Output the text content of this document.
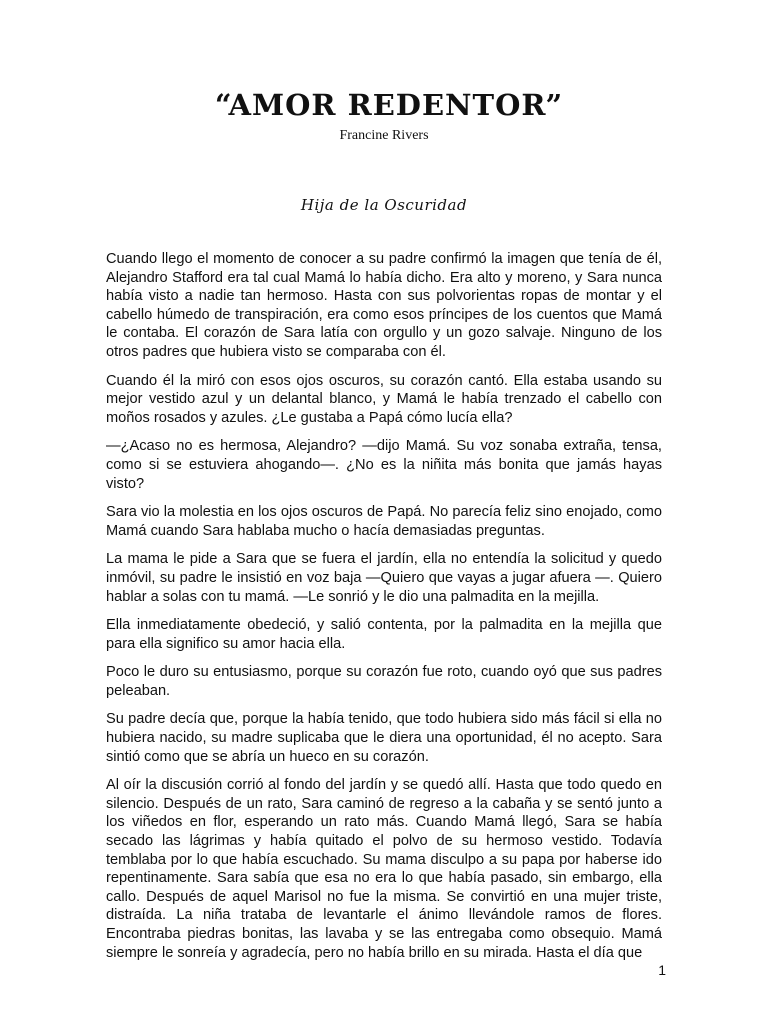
“AMOR REDENTOR”
Francine Rivers
Hija de la Oscuridad

Cuando llego el momento de conocer a su padre confirmó la imagen que tenía de él, Alejandro Stafford era tal cual Mamá lo había dicho. Era alto y moreno, y Sara nunca había visto a nadie tan hermoso. Hasta con sus polvorientas ropas de montar y el cabello húmedo de transpiración, era como esos príncipes de los cuentos que Mamá le contaba. El corazón de Sara latía con orgullo y un gozo salvaje. Ninguno de los otros padres que hubiera visto se comparaba con él.

Cuando él la miró con esos ojos oscuros, su corazón cantó. Ella estaba usando su mejor vestido azul y un delantal blanco, y Mamá le había trenzado el cabello con moños rosados y azules. ¿Le gustaba a Papá cómo lucía ella?

—¿Acaso no es hermosa, Alejandro? —dijo Mamá. Su voz sonaba extraña, tensa, como si se estuviera ahogando—. ¿No es la niñita más bonita que jamás hayas visto?

Sara vio la molestia en los ojos oscuros de Papá. No parecía feliz sino enojado, como Mamá cuando Sara hablaba mucho o hacía demasiadas preguntas.

La mama le pide a Sara que se fuera el jardín, ella no entendía la solicitud y quedo inmóvil, su padre le insistió en voz baja —Quiero que vayas a jugar afuera —. Quiero hablar a solas con tu mamá. —Le sonrió y le dio una palmadita en la mejilla.

Ella inmediatamente obedeció, y salió contenta, por la palmadita en la mejilla que para ella significo su amor hacia ella.

Poco le duro su entusiasmo, porque su corazón fue roto, cuando oyó que sus padres peleaban.

Su padre decía que, porque la había tenido, que todo hubiera sido más fácil si ella no hubiera nacido, su madre suplicaba que le diera una oportunidad, él no acepto. Sara sintió como que se abría un hueco en su corazón.

Al oír la discusión corrió al fondo del jardín y se quedó allí. Hasta que todo quedo en silencio. Después de un rato, Sara caminó de regreso a la cabaña y se sentó junto a los viñedos en flor, esperando un rato más. Cuando Mamá llegó, Sara se había secado las lágrimas y había quitado el polvo de su hermoso vestido. Todavía temblaba por lo que había escuchado. Su mama disculpo a su papa por haberse ido repentinamente. Sara sabía que esa no era lo que había pasado, sin embargo, ella callo. Después de aquel Marisol no fue la misma. Se convirtió en una mujer triste, distraída. La niña trataba de levantarle el ánimo llevándole ramos de flores. Encontraba piedras bonitas, las lavaba y se las entregaba como obsequio. Mamá siempre le sonreía y agradecía, pero no había brillo en su mirada. Hasta el día que

1
